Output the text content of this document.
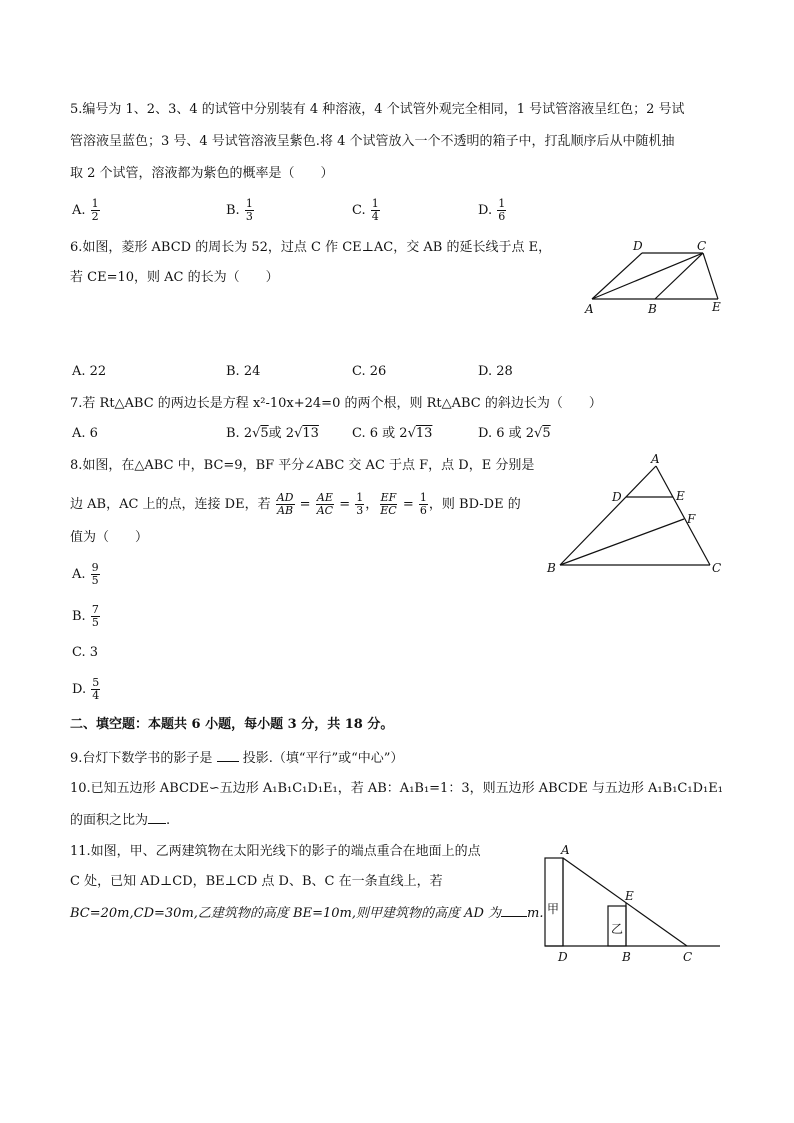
5.编号为 1、2、3、4 的试管中分别装有 4 种溶液，4 个试管外观完全相同，1 号试管溶液呈红色；2 号试
管溶液呈蓝色；3 号、4 号试管溶液呈紫色.将 4 个试管放入一个不透明的箱子中，打乱顺序后从中随机抽
取 2 个试管，溶液都为紫色的概率是（　　）
A. $\frac{1}{2}$	B. $\frac{1}{3}$	C. $\frac{1}{4}$	D. $\frac{1}{6}$
6.如图，菱形 ABCD 的周长为 52，过点 C 作 CE⊥AC，交 AB 的延长线于点 E，
若 CE=10，则 AC 的长为（　　）
D	C
A	B	E
A. 22	B. 24	C. 26	D. 28
7.若 Rt△ABC 的两边长是方程 x²-10x+24=0 的两个根，则 Rt△ABC 的斜边长为（　　）
A. 6	B. 2√5或 2√13	C. 6 或 2√13	D. 6 或 2√5
8.如图，在△ABC 中，BC=9，BF 平分∠ABC 交 AC 于点 F，点 D，E 分别是
边 AB，AC 上的点，连接 DE，若 $\frac{AD}{AB} = \frac{AE}{AC} = \frac{1}{3}$ ， $\frac{EF}{EC} = \frac{1}{6}$ ，则 BD-DE 的
值为（　　）
A
D	E
F
B	C
A. $\frac{9}{5}$
B. $\frac{7}{5}$
C. 3
D. $\frac{5}{4}$
二、填空题：本题共 6 小题，每小题 3 分，共 18 分。
9.台灯下数学书的影子是 投影.（填“平行”或“中心”）
10.已知五边形 ABCDE∽五边形 A₁B₁C₁D₁E₁，若 AB：A₁B₁=1：3，则五边形 ABCDE 与五边形 A₁B₁C₁D₁E₁
的面积之比为 .
11.如图，甲、乙两建筑物在太阳光线下的影子的端点重合在地面上的点
C 处，已知 AD⊥CD，BE⊥CD 点 D、B、C 在一条直线上，若
BC=20m,CD=30m,乙建筑物的高度 BE=10m,则甲建筑物的高度 AD 为 m.
A
E
D	B	C
甲
乙
